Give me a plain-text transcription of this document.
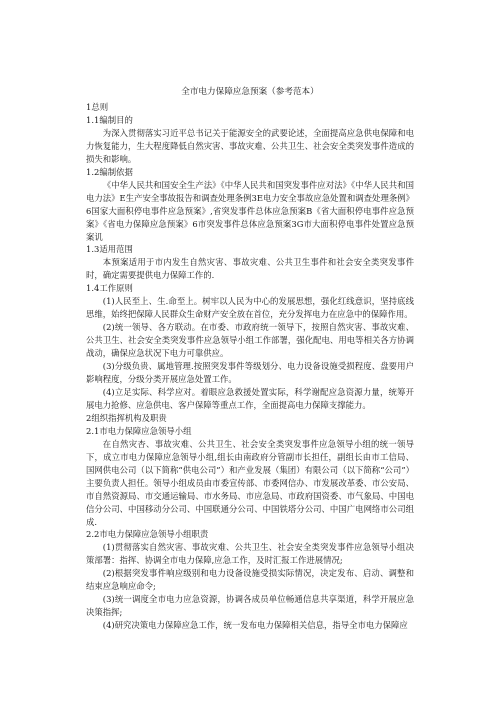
全市电力保障应急预案（参考范本）

1总则

1.1编制目的

为深入贯彻落实习近平总书记关于能源安全的武要论述，全面提高应急供电保障和电力恢复能力，生大程度降低自然灾害、事故灾难、公共卫生、社会安全类突发事件造成的损失和影响。

1.2编制依据

《中华人民共和国安全生产法》《中华人民共和国突发事件应对法》《中华人民共和国电力法》E生产安全事故报告和调查处理条例3E电力安全事故应急处置和调查处理条例》6国家大面积停电事件应急预案》,省突发事件总体应急预案B《省大面积停电事件应急预案》《省电力保障应急预案》6市突发事件总体应急预案3G市大面积停电事件处置应急预案讥

1.3适用范围

本预案适用于市内发生自然灾害、事故灾难、公共卫生事件和社会安全类突发事件时，确定需要提供电力保障工作的.

1.4工作原则

(1)人民至上、生.命至上。树牢以人民为中心的发展思想，强化红线意识，坚持底线思维，始终把保障人民群众生命财产安全放在首位，充分发挥电力在应急中的保障作用。

(2)统一领导、各方联动。在市委、市政府统一领导下，按照自然灾害、事故灾难、公共卫生、社会安全类突发事件应急领导小组工作部署，强化配电、用电等相关各方协调战动，确保应急状况下电力可靠供应。

(3)分级负贵、属地管理.按照突发事件等级划分、电力设备设施受损程度、盘要用户影响程度，分级分类开展应急处置工作。

(4)立足实际、科学应对。着眼应急救援处置实际，科学谢配应急资源力量，统筹开展电力抢修、应急供电、客户保障等重点工作，全面提高电力保障支撑能力。

2组织指挥机构及职贵

2.1市电力保障应急领导小组

在自然灾杏、事故灾难、公共卫生、社会安全类突发事件应急领导小组的统一领导下，成立市电力保障应急领导小组,组长由南政府分管副市长担任，副组长由市工信局、国网供电公司（以下简称“供电公司”）和产业发展（集团）有限公司（以下简称“公司”）主要负责人担任。领导小组成员由市委宣传部、市委网信办、市发展改革委、市公安局、市自然资源局、市交通运输局、市水务局、市应急局、市政府国资委、市气象局、中国电信分公司、中国移动分公司、中国联通分公司、中国铁塔分公司、中国广电网络市公司组成.

2.2市电力保障应急领导小组职责

(1)贯彻落实自然灾害、事故灾难、公共卫生、社会安全类突发事件应急领导小组决策部署：指挥、协调全市电力保障,应急工作，及时汇报工作进展情况;

(2)根据突发事件响应级别和电力设备设施受损实际情况，决定发布、启动、调整和结束应急响应命令;

(3)统一调度全市电力应急资源，协调各成员单位畅通信息共享渠道，科学开展应急决策指挥;

(4)研究决策电力保障应急工作，统一发布电力保障相关信息，指导全市电力保障应
